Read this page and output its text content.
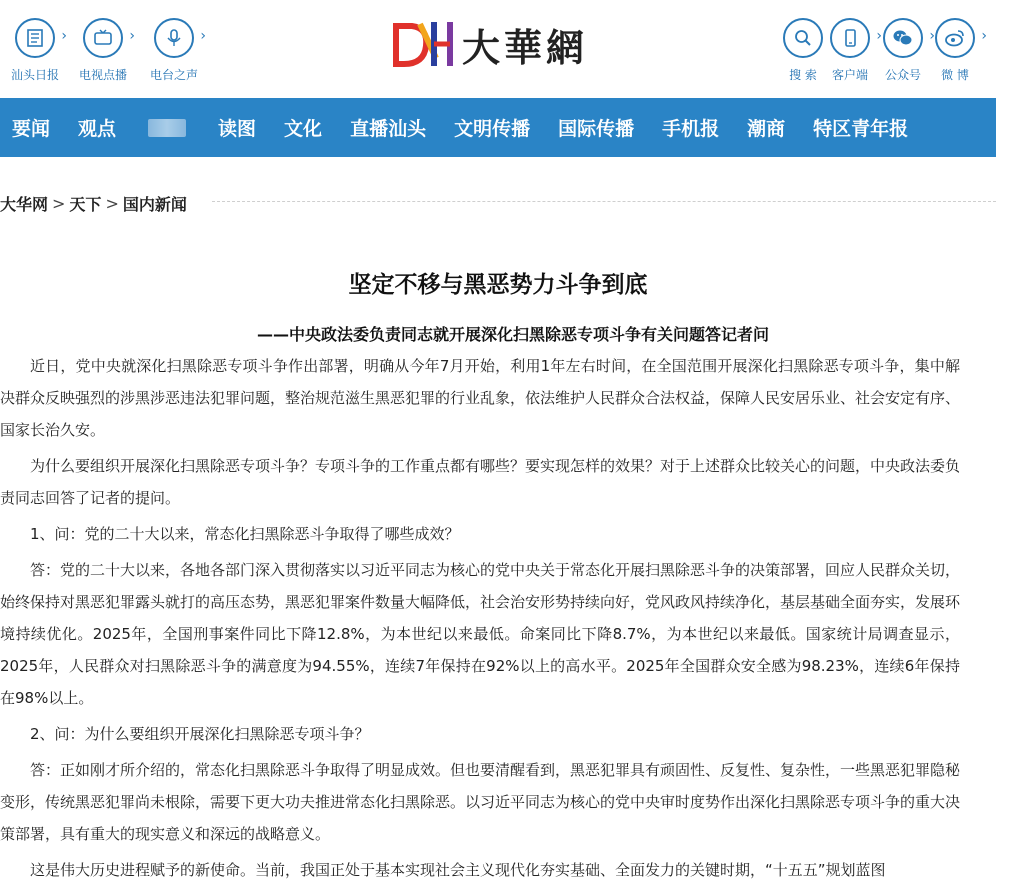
›
汕头日报
›
电视点播
›
电台之声
大華網
搜 索
›
客户端
›
公众号
›
微 博
要闻	观点	读图	文化	直播汕头	文明传播	国际传播	手机报	潮商	特区青年报
大华网 > 天下 > 国内新闻
坚定不移与黑恶势力斗争到底
——中央政法委负责同志就开展深化扫黑除恶专项斗争有关问题答记者问

近日，党中央就深化扫黑除恶专项斗争作出部署，明确从今年7月开始，利用1年左右时间，在全国范围开展深化扫黑除恶专项斗争，集中解决群众反映强烈的涉黑涉恶违法犯罪问题，整治规范滋生黑恶犯罪的行业乱象，依法维护人民群众合法权益，保障人民安居乐业、社会安定有序、国家长治久安。

为什么要组织开展深化扫黑除恶专项斗争？专项斗争的工作重点都有哪些？要实现怎样的效果？对于上述群众比较关心的问题，中央政法委负责同志回答了记者的提问。

1、问：党的二十大以来，常态化扫黑除恶斗争取得了哪些成效？

答：党的二十大以来，各地各部门深入贯彻落实以习近平同志为核心的党中央关于常态化开展扫黑除恶斗争的决策部署，回应人民群众关切，始终保持对黑恶犯罪露头就打的高压态势，黑恶犯罪案件数量大幅降低，社会治安形势持续向好，党风政风持续净化，基层基础全面夯实，发展环境持续优化。2025年，全国刑事案件同比下降12.8%，为本世纪以来最低。命案同比下降8.7%，为本世纪以来最低。国家统计局调查显示，2025年，人民群众对扫黑除恶斗争的满意度为94.55%，连续7年保持在92%以上的高水平。2025年全国群众安全感为98.23%，连续6年保持在98%以上。

2、问：为什么要组织开展深化扫黑除恶专项斗争？

答：正如刚才所介绍的，常态化扫黑除恶斗争取得了明显成效。但也要清醒看到，黑恶犯罪具有顽固性、反复性、复杂性，一些黑恶犯罪隐秘变形，传统黑恶犯罪尚未根除，需要下更大功夫推进常态化扫黑除恶。以习近平同志为核心的党中央审时度势作出深化扫黑除恶专项斗争的重大决策部署，具有重大的现实意义和深远的战略意义。

这是伟大历史进程赋予的新使命。当前，我国正处于基本实现社会主义现代化夯实基础、全面发力的关键时期，“十五五”规划蓝图
